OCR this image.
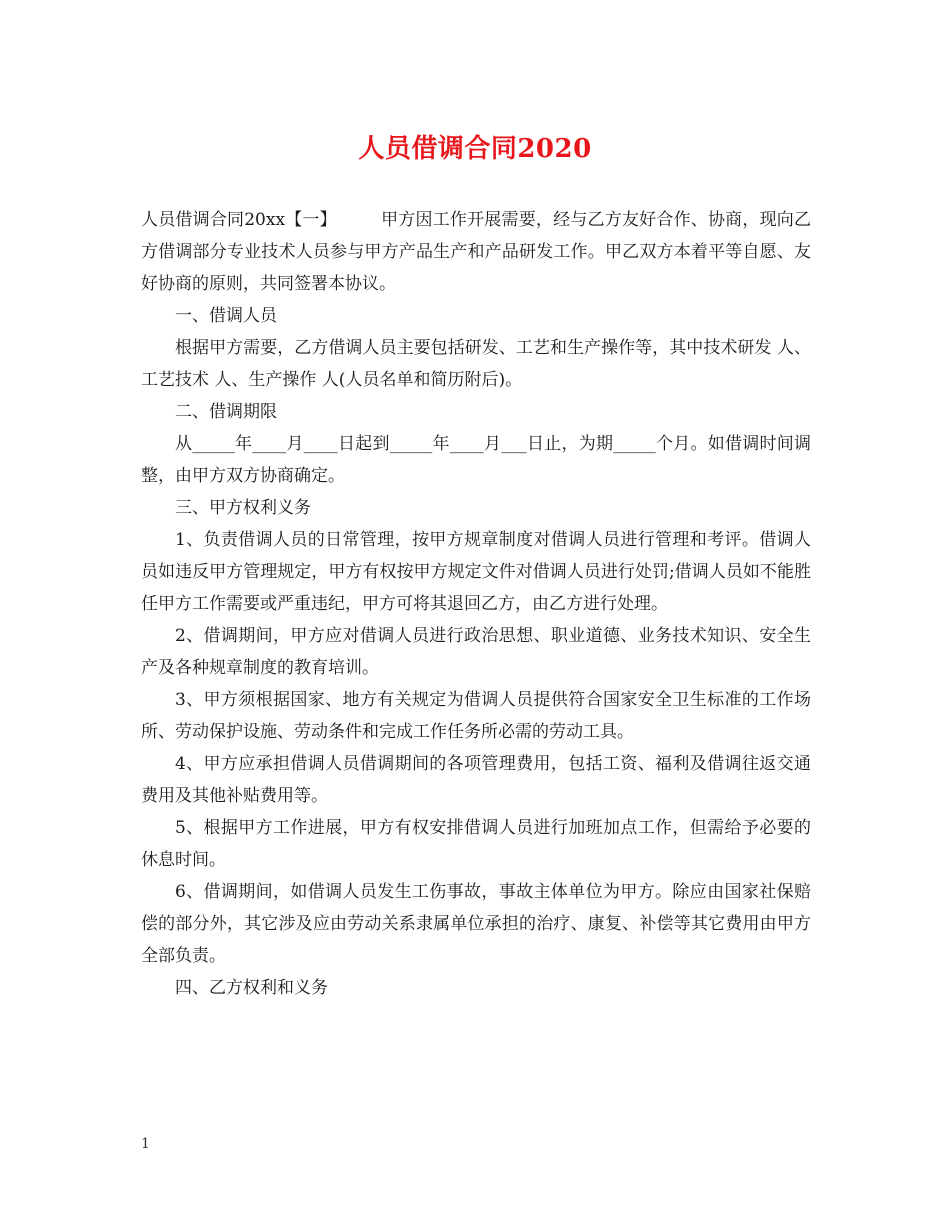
人员借调合同2020

人员借调合同20xx【一】	甲方因工作开展需要，经与乙方友好合作、协商，现向乙方借调部分专业技术人员参与甲方产品生产和产品研发工作。甲乙双方本着平等自愿、友好协商的原则，共同签署本协议。

一、借调人员

根据甲方需要，乙方借调人员主要包括研发、工艺和生产操作等，其中技术研发 人、工艺技术 人、生产操作 人(人员名单和简历附后)。

二、借调期限

从_____年____月____日起到_____年____月___日止，为期_____个月。如借调时间调整，由甲方双方协商确定。

三、甲方权利义务

1、负责借调人员的日常管理，按甲方规章制度对借调人员进行管理和考评。借调人员如违反甲方管理规定，甲方有权按甲方规定文件对借调人员进行处罚;借调人员如不能胜任甲方工作需要或严重违纪，甲方可将其退回乙方，由乙方进行处理。

2、借调期间，甲方应对借调人员进行政治思想、职业道德、业务技术知识、安全生产及各种规章制度的教育培训。

3、甲方须根据国家、地方有关规定为借调人员提供符合国家安全卫生标准的工作场所、劳动保护设施、劳动条件和完成工作任务所必需的劳动工具。

4、甲方应承担借调人员借调期间的各项管理费用，包括工资、福利及借调往返交通费用及其他补贴费用等。

5、根据甲方工作进展，甲方有权安排借调人员进行加班加点工作，但需给予必要的休息时间。

6、借调期间，如借调人员发生工伤事故，事故主体单位为甲方。除应由国家社保赔偿的部分外，其它涉及应由劳动关系隶属单位承担的治疗、康复、补偿等其它费用由甲方全部负责。

四、乙方权利和义务

1
